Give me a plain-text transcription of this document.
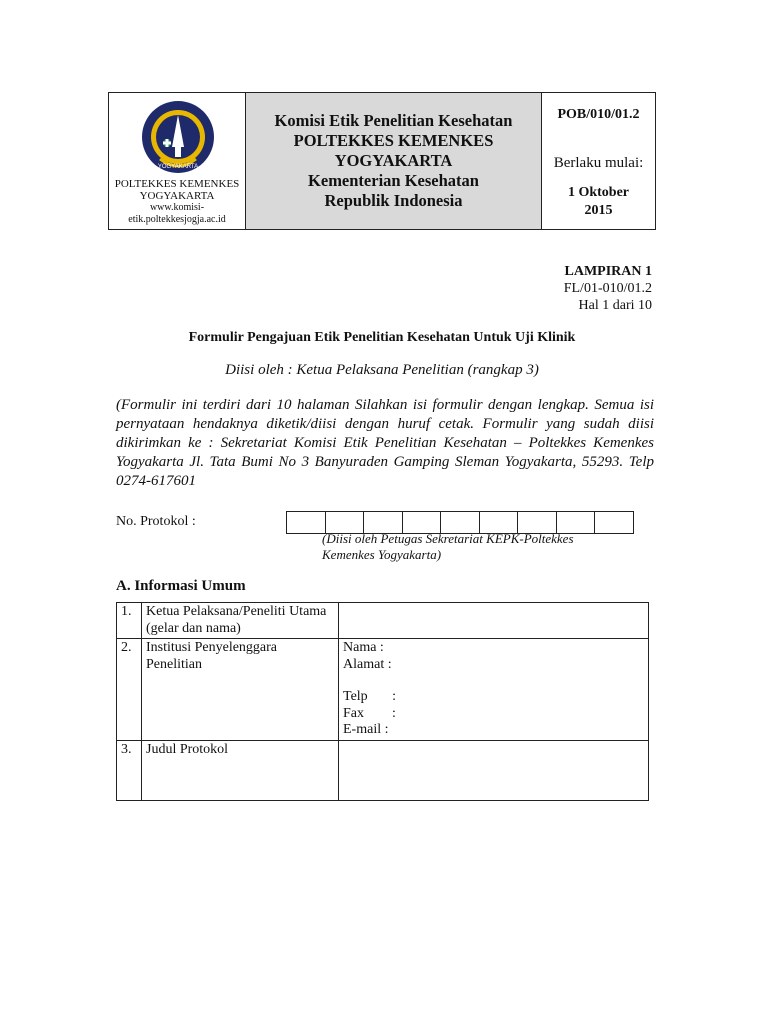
YOGYAKARTA
POLTEKKES KEMENKES
YOGYAKARTA
www.komisi-
etik.poltekkesjogja.ac.id
Komisi Etik Penelitian Kesehatan
POLTEKKES KEMENKES
YOGYAKARTA
Kementerian Kesehatan
Republik Indonesia
POB/010/01.2
Berlaku mulai:
1 Oktober
2015
LAMPIRAN 1
FL/01-010/01.2
Hal 1 dari 10
Formulir Pengajuan Etik Penelitian Kesehatan Untuk Uji Klinik
Diisi oleh : Ketua Pelaksana Penelitian (rangkap 3)
(Formulir ini terdiri dari 10 halaman Silahkan isi formulir dengan lengkap. Semua isi pernyataan hendaknya diketik/diisi dengan huruf cetak. Formulir yang sudah diisi dikirimkan ke : Sekretariat Komisi Etik Penelitian Kesehatan – Poltekkes Kemenkes Yogyakarta Jl. Tata Bumi No 3 Banyuraden Gamping Sleman Yogyakarta, 55293. Telp 0274-617601
No. Protokol :
(Diisi oleh Petugas Sekretariat KEPK-Poltekkes Kemenkes Yogyakarta)
A. Informasi Umum
1.	Ketua Pelaksana/Peneliti Utama (gelar dan nama)	
2.	Institusi Penyelenggara Penelitian	Nama :
Alamat :
Telp       :
Fax        :
E-mail :

3.	Judul Protokol	
